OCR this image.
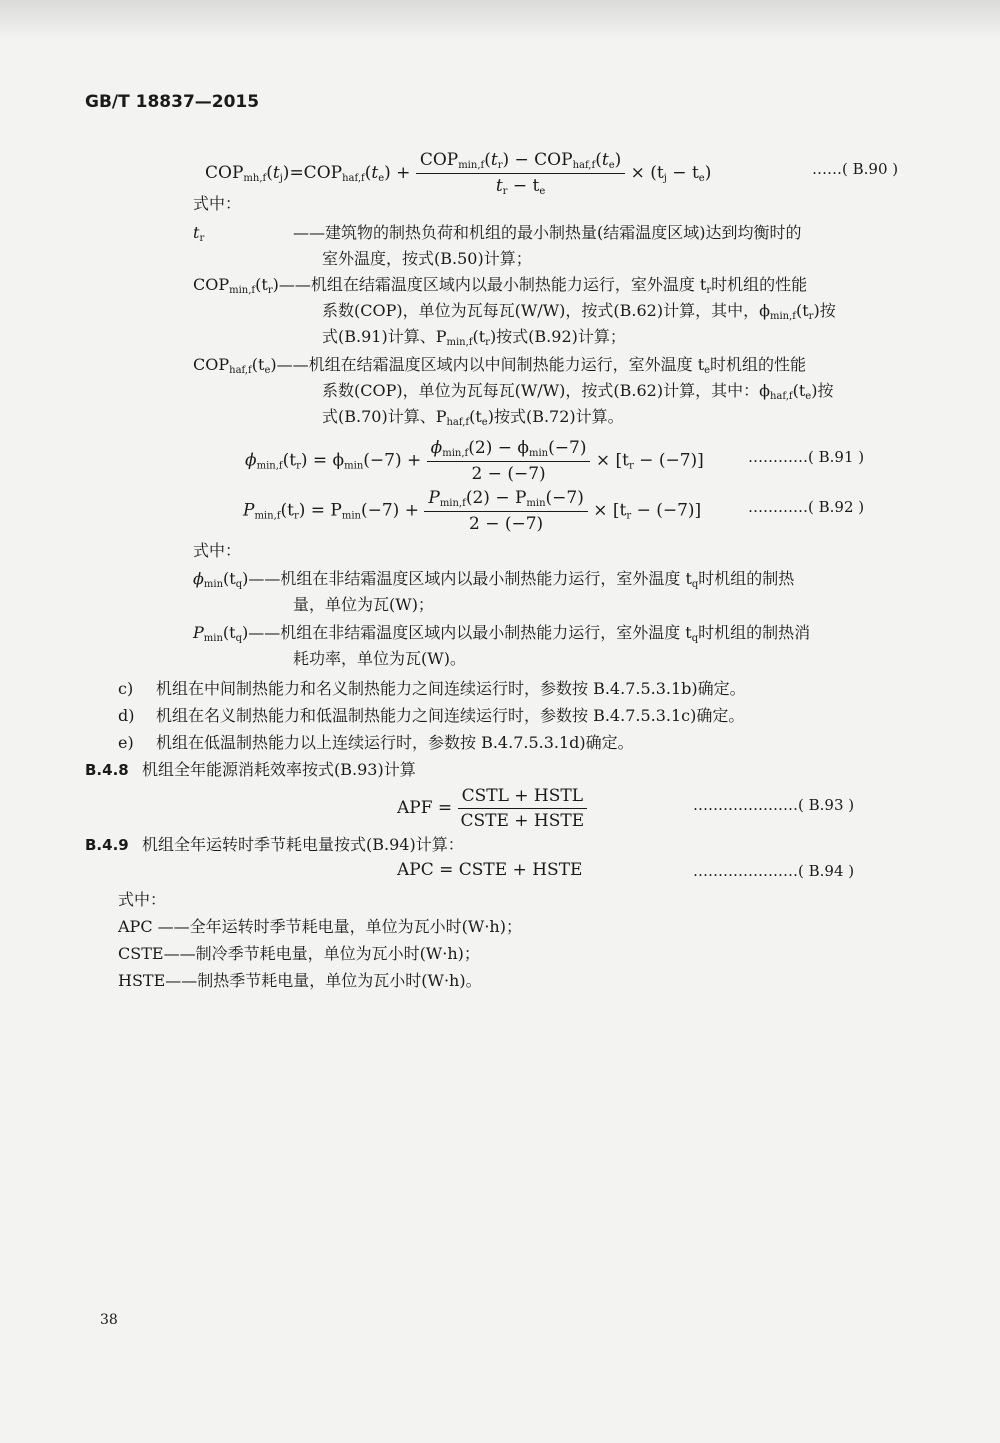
GB/T 18837—2015
$COP_{mh,f}(t_j)=COP_{haf,f}(t_e) + \frac{COP_{min,f}(t_r) - COP_{haf,f}(t_e)}{t_r - t_e} \times (t_j - t_e)$	……( B.90 )
式中：
$t_r$	——建筑物的制热负荷和机组的最小制热量(结霜温度区域)达到均衡时的
室外温度，按式(B.50)计算；
$COP_{min,f}(t_r)——$机组在结霜温度区域内以最小制热能力运行，室外温度 $t_r$时机组的性能
系数(COP)，单位为瓦每瓦(W/W)，按式(B.62)计算，其中，$\phi_{min,f}(t_r)$按
式(B.91)计算、$P_{min,f}(t_r)$按式(B.92)计算；
$COP_{haf,f}(t_e)——$机组在结霜温度区域内以中间制热能力运行，室外温度 $t_e$时机组的性能
系数(COP)，单位为瓦每瓦(W/W)，按式(B.62)计算，其中：$\phi_{haf,f}(t_e)$按
式(B.70)计算、$P_{haf,f}(t_e)$按式(B.72)计算。
$\phi_{min,f}(t_r) = \phi_{min}(-7) + \frac{\phi_{min,f}(2) - \phi_{min}(-7)}{2 - (-7)} \times [t_r - (-7)]$	…………( B.91 )
$P_{min,f}(t_r) = P_{min}(-7) + \frac{P_{min,f}(2) - P_{min}(-7)}{2 - (-7)} \times [t_r - (-7)]$	…………( B.92 )
式中：
$\phi_{min}(t_q)——$机组在非结霜温度区域内以最小制热能力运行，室外温度 $t_q$时机组的制热
量，单位为瓦(W)；
$P_{min}(t_q)——$机组在非结霜温度区域内以最小制热能力运行，室外温度 $t_q$时机组的制热消
耗功率，单位为瓦(W)。
c) 机组在中间制热能力和名义制热能力之间连续运行时，参数按 B.4.7.5.3.1b)确定。
d) 机组在名义制热能力和低温制热能力之间连续运行时，参数按 B.4.7.5.3.1c)确定。
e) 机组在低温制热能力以上连续运行时，参数按 B.4.7.5.3.1d)确定。
B.4.8 机组全年能源消耗效率按式(B.93)计算
APF = $\frac{\text{CSTL + HSTL}}{\text{CSTE + HSTE}}$	…………………( B.93 )
B.4.9 机组全年运转时季节耗电量按式(B.94)计算：
APC = CSTE + HSTE	…………………( B.94 )
式中：
APC ——全年运转时季节耗电量，单位为瓦小时(W·h)；
CSTE——制冷季节耗电量，单位为瓦小时(W·h)；
HSTE——制热季节耗电量，单位为瓦小时(W·h)。
38
